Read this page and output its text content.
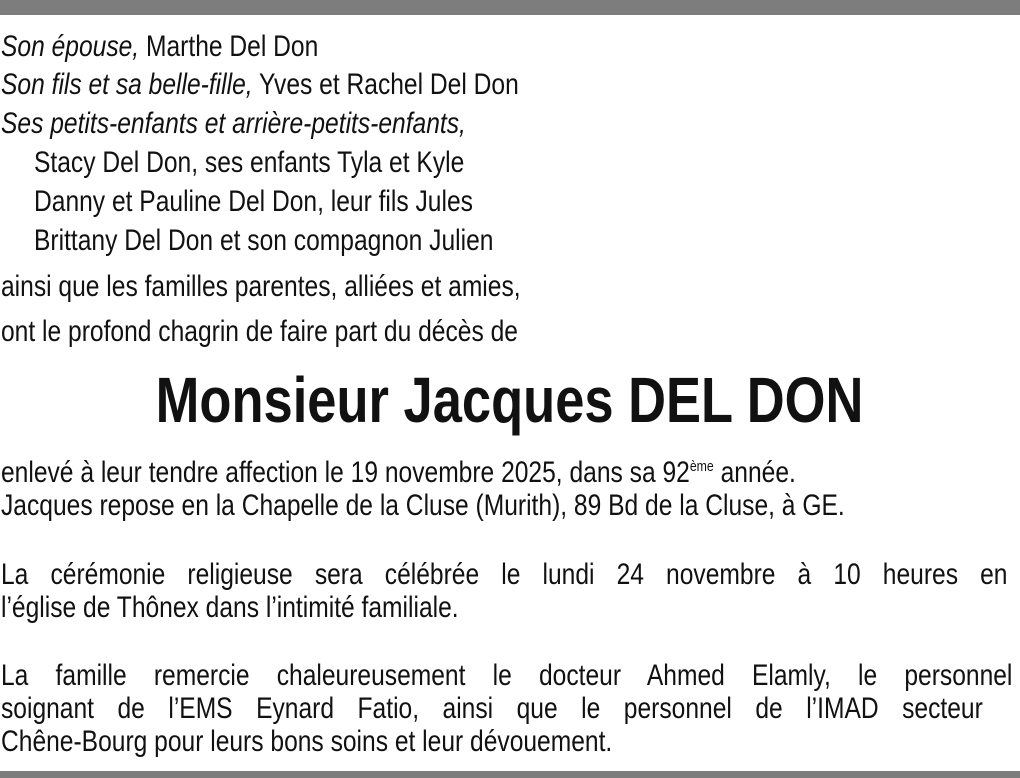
Son épouse, Marthe Del Don
Son fils et sa belle-fille, Yves et Rachel Del Don
Ses petits-enfants et arrière-petits-enfants,
Stacy Del Don, ses enfants Tyla et Kyle
Danny et Pauline Del Don, leur fils Jules
Brittany Del Don et son compagnon Julien
ainsi que les familles parentes, alliées et amies,
ont le profond chagrin de faire part du décès de
Monsieur Jacques DEL DON
enlevé à leur tendre affection le 19 novembre 2025, dans sa 92ème année.
Jacques repose en la Chapelle de la Cluse (Murith), 89 Bd de la Cluse, à GE.
La cérémonie religieuse sera célébrée le lundi 24 novembre à 10 heures en
l’église de Thônex dans l’intimité familiale.
La famille remercie chaleureusement le docteur Ahmed Elamly, le personnel
soignant de l’EMS Eynard Fatio, ainsi que le personnel de l’IMAD secteur
Chêne-Bourg pour leurs bons soins et leur dévouement.
